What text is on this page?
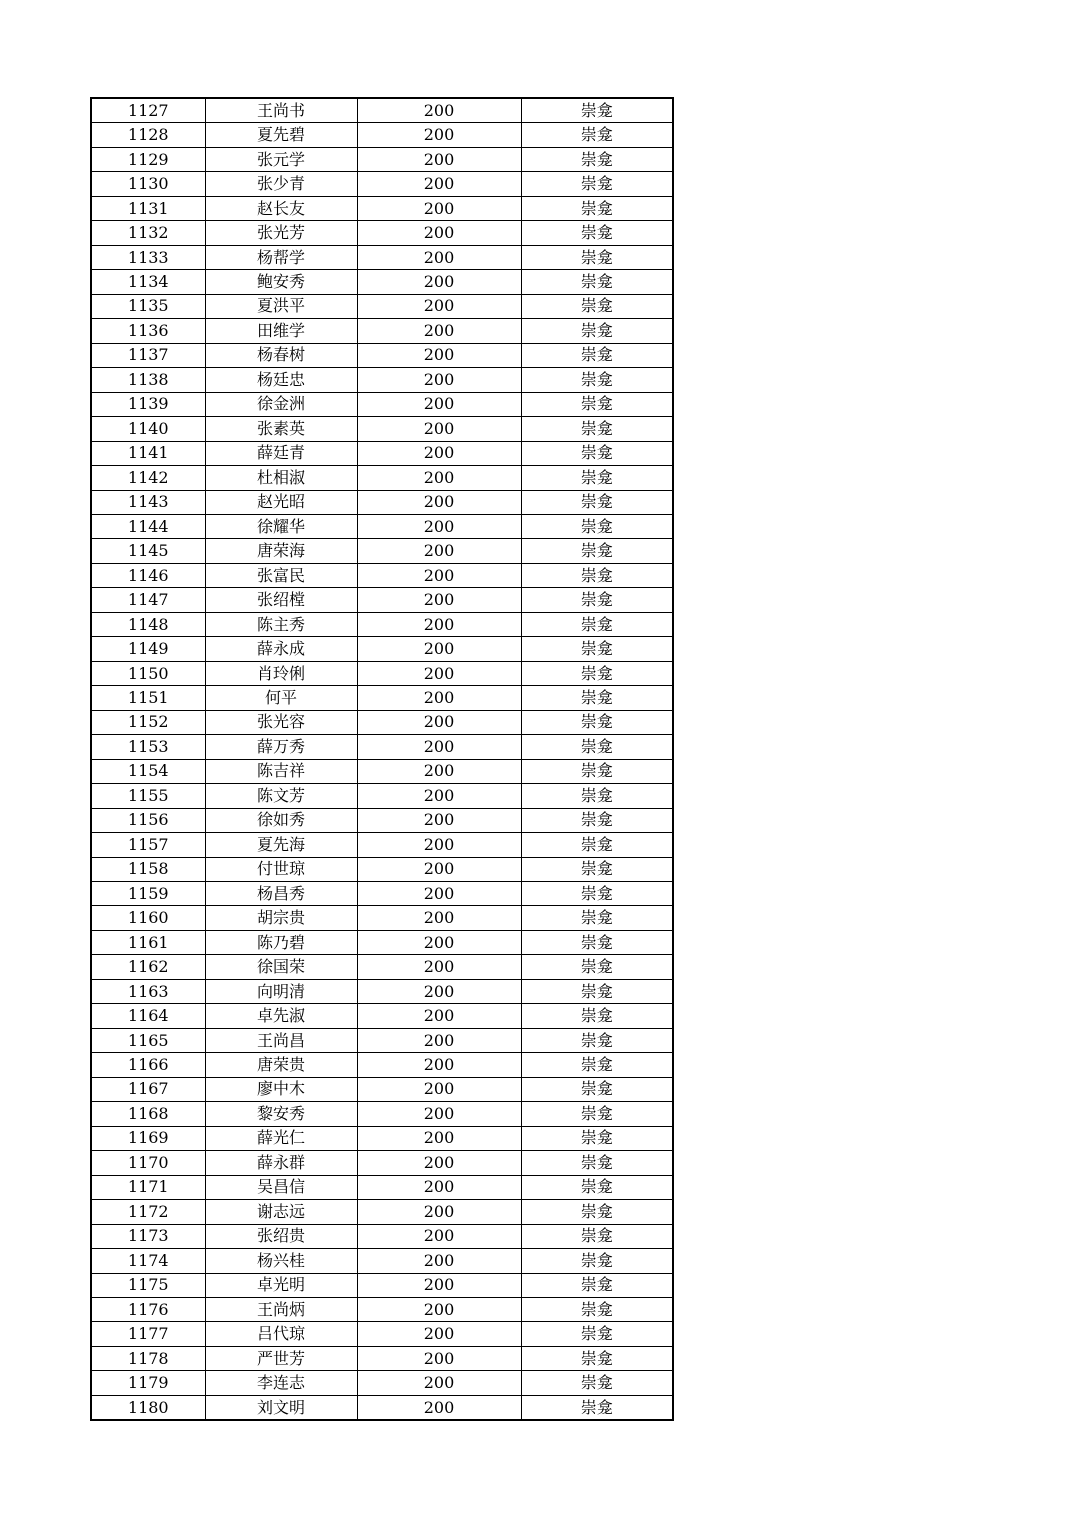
1127	王尚书	200	崇龛
1128	夏先碧	200	崇龛
1129	张元学	200	崇龛
1130	张少青	200	崇龛
1131	赵长友	200	崇龛
1132	张光芳	200	崇龛
1133	杨帮学	200	崇龛
1134	鲍安秀	200	崇龛
1135	夏洪平	200	崇龛
1136	田维学	200	崇龛
1137	杨春树	200	崇龛
1138	杨廷忠	200	崇龛
1139	徐金洲	200	崇龛
1140	张素英	200	崇龛
1141	薛廷青	200	崇龛
1142	杜相淑	200	崇龛
1143	赵光昭	200	崇龛
1144	徐耀华	200	崇龛
1145	唐荣海	200	崇龛
1146	张富民	200	崇龛
1147	张绍樘	200	崇龛
1148	陈主秀	200	崇龛
1149	薛永成	200	崇龛
1150	肖玲俐	200	崇龛
1151	何平	200	崇龛
1152	张光容	200	崇龛
1153	薛万秀	200	崇龛
1154	陈吉祥	200	崇龛
1155	陈文芳	200	崇龛
1156	徐如秀	200	崇龛
1157	夏先海	200	崇龛
1158	付世琼	200	崇龛
1159	杨昌秀	200	崇龛
1160	胡宗贵	200	崇龛
1161	陈乃碧	200	崇龛
1162	徐国荣	200	崇龛
1163	向明清	200	崇龛
1164	卓先淑	200	崇龛
1165	王尚昌	200	崇龛
1166	唐荣贵	200	崇龛
1167	廖中木	200	崇龛
1168	黎安秀	200	崇龛
1169	薛光仁	200	崇龛
1170	薛永群	200	崇龛
1171	吴昌信	200	崇龛
1172	谢志远	200	崇龛
1173	张绍贵	200	崇龛
1174	杨兴桂	200	崇龛
1175	卓光明	200	崇龛
1176	王尚炳	200	崇龛
1177	吕代琼	200	崇龛
1178	严世芳	200	崇龛
1179	李连志	200	崇龛
1180	刘文明	200	崇龛
